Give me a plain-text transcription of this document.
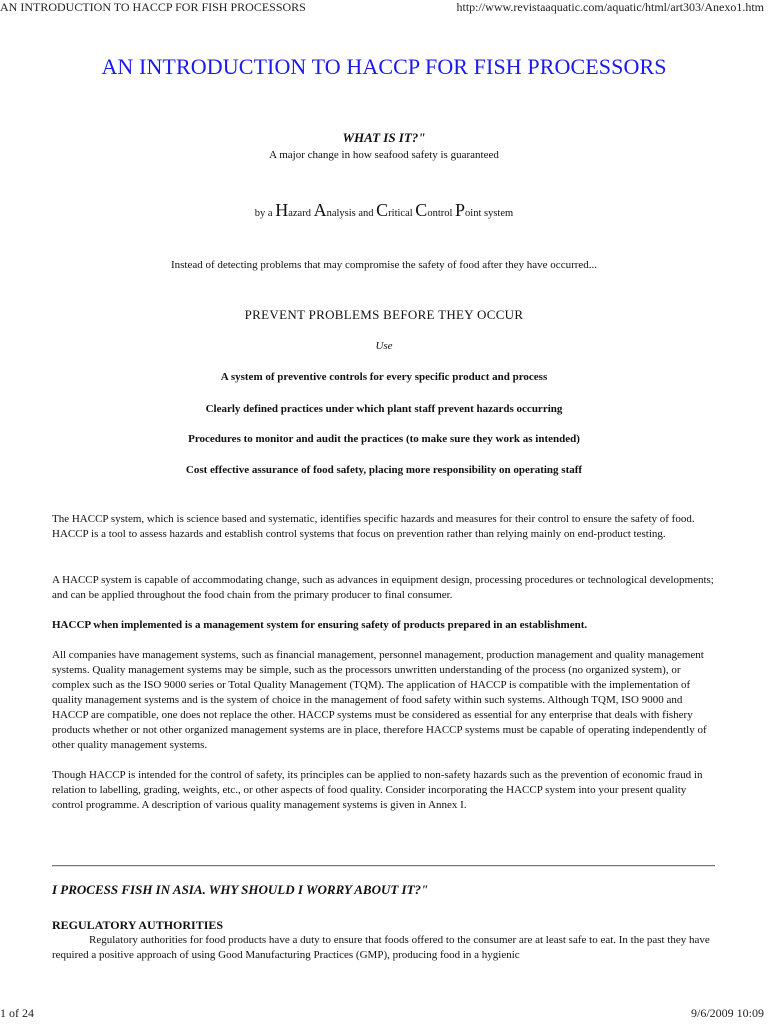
AN INTRODUCTION TO HACCP FOR FISH PROCESSORS	http://www.revistaaquatic.com/aquatic/html/art303/Anexo1.htm
AN INTRODUCTION TO HACCP FOR FISH PROCESSORS
WHAT IS IT?"
A major change in how seafood safety is guaranteed
by a Hazard Analysis and Critical Control Point system
Instead of detecting problems that may compromise the safety of food after they have occurred...
PREVENT PROBLEMS BEFORE THEY OCCUR
Use
A system of preventive controls for every specific product and process
Clearly defined practices under which plant staff prevent hazards occurring
Procedures to monitor and audit the practices (to make sure they work as intended)
Cost effective assurance of food safety, placing more responsibility on operating staff

The HACCP system, which is science based and systematic, identifies specific hazards and measures for their control to ensure the safety of food. HACCP is a tool to assess hazards and establish control systems that focus on prevention rather than relying mainly on end-product testing.

A HACCP system is capable of accommodating change, such as advances in equipment design, processing procedures or technological developments; and can be applied throughout the food chain from the primary producer to final consumer.

HACCP when implemented is a management system for ensuring safety of products prepared in an establishment.

All companies have management systems, such as financial management, personnel management, production management and quality management systems. Quality management systems may be simple, such as the processors unwritten understanding of the process (no organized system), or complex such as the ISO 9000 series or Total Quality Management (TQM). The application of HACCP is compatible with the implementation of quality management systems and is the system of choice in the management of food safety within such systems. Although TQM, ISO 9000 and HACCP are compatible, one does not replace the other. HACCP systems must be considered as essential for any enterprise that deals with fishery products whether or not other organized management systems are in place, therefore HACCP systems must be capable of operating independently of other quality management systems.

Though HACCP is intended for the control of safety, its principles can be applied to non-safety hazards such as the prevention of economic fraud in relation to labelling, grading, weights, etc., or other aspects of food quality. Consider incorporating the HACCP system into your present quality control programme. A description of various quality management systems is given in Annex I.

I PROCESS FISH IN ASIA. WHY SHOULD I WORRY ABOUT IT?"
REGULATORY AUTHORITIES

Regulatory authorities for food products have a duty to ensure that foods offered to the consumer are at least safe to eat. In the past they have required a positive approach of using Good Manufacturing Practices (GMP), producing food in a hygienic

1 of 24	9/6/2009 10:09
